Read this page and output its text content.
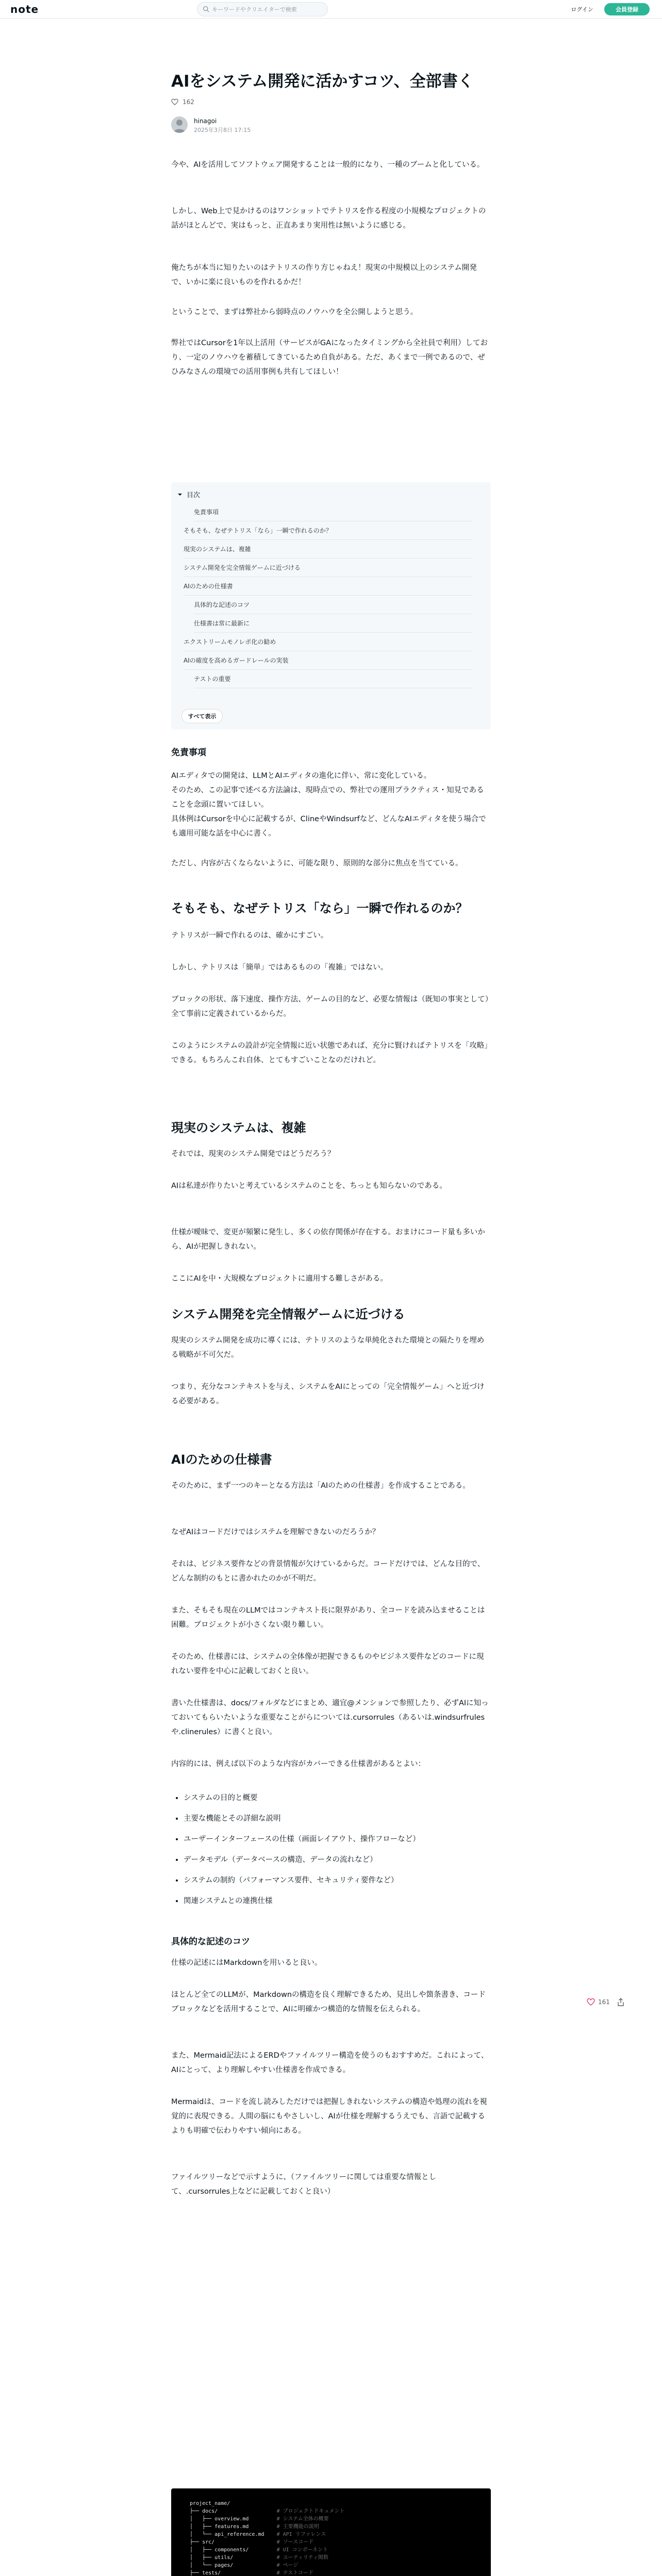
note
キーワードやクリエイターで検索	ログイン	会員登録
AIをシステム開発に活かすコツ、全部書く
162
hinagoi
2025年3月8日 17:15

今や、AIを活用してソフトウェア開発することは一般的になり、一種のブームと化している。

しかし、Web上で見かけるのはワンショットでテトリスを作る程度の小規模なプロジェクトの話がほとんどで、実はもっと、正直あまり実用性は無いように感じる。

俺たちが本当に知りたいのはテトリスの作り方じゃねえ！現実の中規模以上のシステム開発で、いかに楽に良いものを作れるかだ！

ということで、まずは弊社から弱時点のノウハウを全公開しようと思う。

弊社ではCursorを1年以上活用（サービスがGAになったタイミングから全社員で利用）しており、一定のノウハウを蓄積してきているため自負がある。ただ、あくまで一例であるので、ぜひみなさんの環境での活用事例も共有してほしい！

目次
免責事項
そもそも、なぜテトリス「なら」一瞬で作れるのか？
現実のシステムは、複雑
システム開発を完全情報ゲームに近づける
AIのための仕様書
具体的な記述のコツ
仕様書は常に最新に
エクストリームモノレポ化の勧め
AIの確度を高めるガードレールの実装
テストの重要
すべて表示
免責事項

AIエディタでの開発は、LLMとAIエディタの進化に伴い、常に変化している。

そのため、この記事で述べる方法論は、現時点での、弊社での運用プラクティス・知見であることを念頭に置いてほしい。

具体例はCursorを中心に記載するが、ClineやWindsurfなど、どんなAIエディタを使う場合でも適用可能な話を中心に書く。

ただし、内容が古くならないように、可能な限り、原則的な部分に焦点を当てている。

そもそも、なぜテトリス「なら」一瞬で作れるのか？

テトリスが一瞬で作れるのは、確かにすごい。

しかし、テトリスは「簡単」ではあるものの「複雑」ではない。

ブロックの形状、落下速度、操作方法、ゲームの目的など、必要な情報は（既知の事実として）全て事前に定義されているからだ。

このようにシステムの設計が完全情報に近い状態であれば、充分に賢ければテトリスを「攻略」できる。もちろんこれ自体、とてもすごいことなのだけれど。

現実のシステムは、複雑

それでは、現実のシステム開発ではどうだろう？

AIは私達が作りたいと考えているシステムのことを、ちっとも知らないのである。

仕様が曖昧で、変更が頻繁に発生し、多くの依存関係が存在する。おまけにコード量も多いから、AIが把握しきれない。

ここにAIを中・大規模なプロジェクトに適用する難しさがある。

システム開発を完全情報ゲームに近づける

現実のシステム開発を成功に導くには、テトリスのような単純化された環境との隔たりを埋める戦略が不可欠だ。

つまり、充分なコンテキストを与え、システムをAIにとっての「完全情報ゲーム」へと近づける必要がある。

AIのための仕様書

そのために、まず一つのキーとなる方法は「AIのための仕様書」を作成することである。

なぜAIはコードだけではシステムを理解できないのだろうか？

それは、ビジネス要件などの背景情報が欠けているからだ。コードだけでは、どんな目的で、どんな制約のもとに書かれたのかが不明だ。

また、そもそも現在のLLMではコンテキスト長に限界があり、全コードを読み込ませることは困難。プロジェクトが小さくない限り難しい。

そのため、仕様書には、システムの全体像が把握できるものやビジネス要件などのコードに現れない要件を中心に記載しておくと良い。

書いた仕様書は、docs/フォルダなどにまとめ、適宜@メンションで参照したり、必ずAIに知っておいてもらいたいような重要なことがらについては.cursorrules（あるいは.windsurfrulesや.clinerules）に書くと良い。

内容的には、例えば以下のような内容がカバーできる仕様書があるとよい：

• システムの目的と概要
• 主要な機能とその詳細な説明
• ユーザーインターフェースの仕様（画面レイアウト、操作フローなど）
• データモデル（データベースの構造、データの流れなど）
• システムの制約（パフォーマンス要件、セキュリティ要件など）
• 関連システムとの連携仕様
具体的な記述のコツ

仕様の記述にはMarkdownを用いると良い。

ほとんど全てのLLMが、Markdownの構造を良く理解できるため、見出しや箇条書き、コードブロックなどを活用することで、AIに明確かつ構造的な情報を伝えられる。

また、Mermaid記法によるERDやファイルツリー構造を使うのもおすすめだ。これによって、AIにとって、より理解しやすい仕様書を作成できる。

Mermaidは、コードを流し読みしただけでは把握しきれないシステムの構造や処理の流れを視覚的に表現できる。人間の脳にもやさしいし、AIが仕様を理解するうえでも、言語で記載するよりも明確で伝わりやすい傾向にある。

ファイルツリーなどで示すように、（ファイルツリーに関しては重要な情報として、.cursorrules上などに記載しておくと良い）

project_name/
├── docs/                   # プロジェクトドキュメント
│   ├── overview.md         # システム全体の概要
│   ├── features.md         # 主要機能の説明
│   └── api_reference.md    # API リファレンス
├── src/                    # ソースコード
│   ├── components/         # UI コンポーネント
│   ├── utils/              # ユーティリティ関数
│   └── pages/              # ページ
├── tests/                  # テストコード

161
